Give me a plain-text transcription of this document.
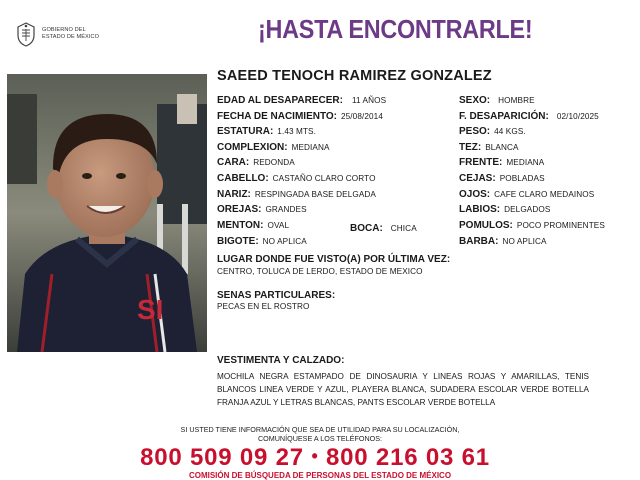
GOBIERNO DEL
ESTADO DE MÉXICO	¡HASTA ENCONTRARLE!
SI
SAEED TENOCH RAMIREZ GONZALEZ
EDAD AL DESAPARECER: 11 AÑOS
FECHA DE NACIMIENTO: 25/08/2014
ESTATURA: 1.43 MTS.
COMPLEXION: MEDIANA
CARA: REDONDA
CABELLO: CASTAÑO CLARO CORTO
NARIZ: RESPINGADA BASE DELGADA
OREJAS: GRANDES
MENTON: OVAL	BOCA: CHICA
BIGOTE: NO APLICA
SEXO: HOMBRE
F. DESAPARICIÓN: 02/10/2025
PESO: 44 KGS.
TEZ: BLANCA
FRENTE: MEDIANA
CEJAS: POBLADAS
OJOS: CAFE CLARO MEDAINOS
LABIOS: DELGADOS
POMULOS: POCO PROMINENTES
BARBA: NO APLICA
LUGAR DONDE FUE VISTO(A) POR ÚLTIMA VEZ:
CENTRO, TOLUCA DE LERDO, ESTADO DE MEXICO
SENAS PARTICULARES:
PECAS EN EL ROSTRO
VESTIMENTA Y CALZADO:
MOCHILA NEGRA ESTAMPADO DE DINOSAURIA Y LINEAS ROJAS Y AMARILLAS, TENIS BLANCOS LINEA VERDE Y AZUL, PLAYERA BLANCA, SUDADERA ESCOLAR VERDE BOTELLA FRANJA AZUL Y LETRAS BLANCAS, PANTS ESCOLAR VERDE BOTELLA
SI USTED TIENE INFORMACIÓN QUE SEA DE UTILIDAD PARA SU LOCALIZACIÓN,
COMUNÍQUESE A LOS TELÉFONOS:
800 509 09 27 • 800 216 03 61
COMISIÓN DE BÚSQUEDA DE PERSONAS DEL ESTADO DE MÉXICO
